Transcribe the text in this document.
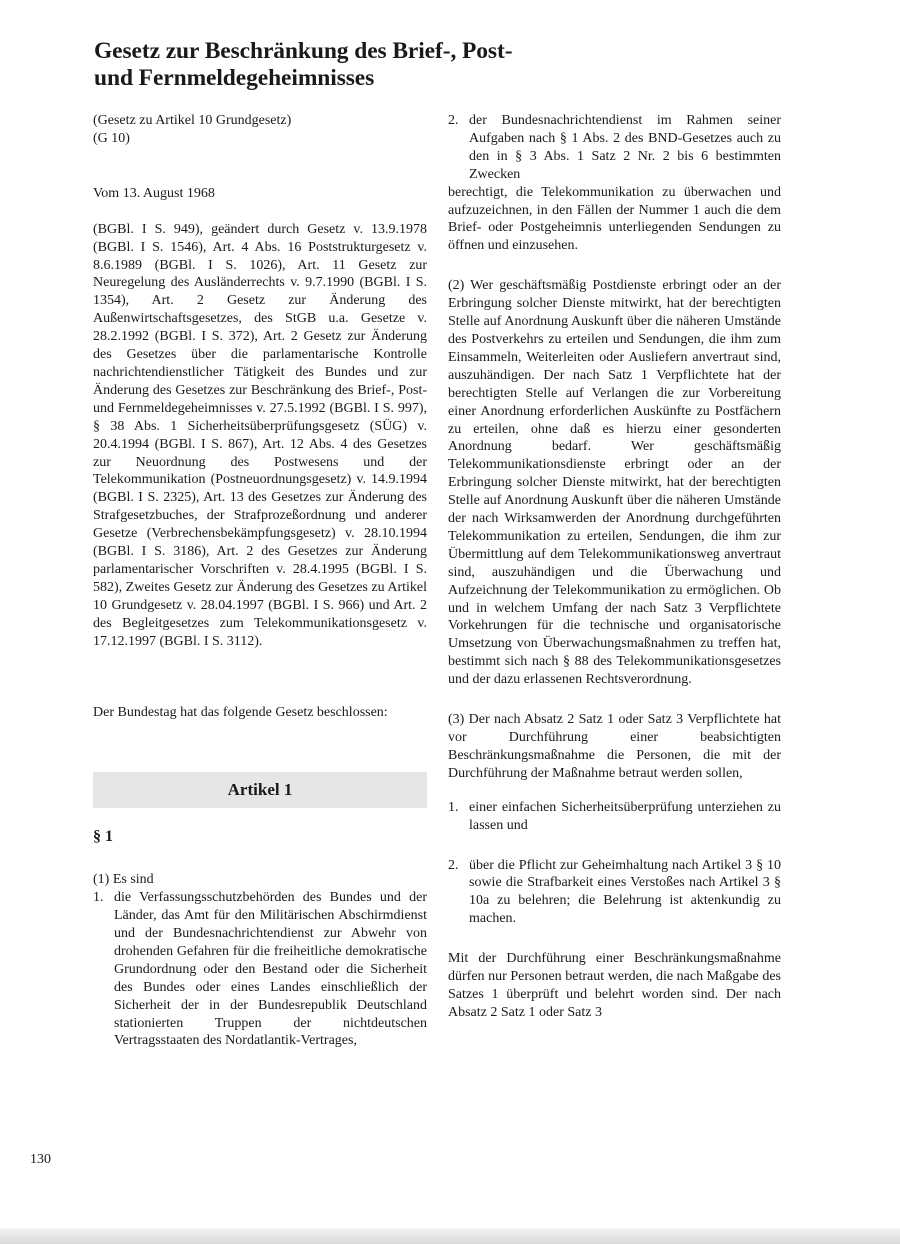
Gesetz zur Beschränkung des Brief-, Post- und Fernmeldegeheimnisses

(Gesetz zu Artikel 10 Grundgesetz)

(G 10)

Vom 13. August 1968

(BGBl. I S. 949), geändert durch Gesetz v. 13.9.1978 (BGBl. I S. 1546), Art. 4 Abs. 16 Poststrukturgesetz v. 8.6.1989 (BGBl. I S. 1026), Art. 11 Gesetz zur Neuregelung des Ausländerrechts v. 9.7.1990 (BGBl. I S. 1354), Art. 2 Gesetz zur Änderung des Außenwirtschaftsgesetzes, des StGB u.a. Gesetze v. 28.2.1992 (BGBl. I S. 372), Art. 2 Gesetz zur Änderung des Gesetzes über die parlamentarische Kontrolle nachrichtendienstlicher Tätigkeit des Bundes und zur Änderung des Gesetzes zur Beschränkung des Brief-, Post- und Fernmeldegeheimnisses v. 27.5.1992 (BGBl. I S. 997), § 38 Abs. 1 Sicherheitsüberprüfungsgesetz (SÜG) v. 20.4.1994 (BGBl. I S. 867), Art. 12 Abs. 4 des Gesetzes zur Neuordnung des Postwesens und der Telekommunikation (Postneuordnungsgesetz) v. 14.9.1994 (BGBl. I S. 2325), Art. 13 des Gesetzes zur Änderung des Strafgesetzbuches, der Strafprozeßordnung und anderer Gesetze (Verbrechensbekämpfungsgesetz) v. 28.10.1994 (BGBl. I S. 3186), Art. 2 des Gesetzes zur Änderung parlamentarischer Vorschriften v. 28.4.1995 (BGBl. I S. 582), Zweites Gesetz zur Änderung des Gesetzes zu Artikel 10 Grundgesetz v. 28.04.1997 (BGBl. I S. 966) und Art. 2 des Begleitgesetzes zum Telekommunikationsgesetz v. 17.12.1997 (BGBl. I S. 3112).

Der Bundestag hat das folgende Gesetz beschlossen:

Artikel 1

§ 1

(1) Es sind

1. die Verfassungsschutzbehörden des Bundes und der Länder, das Amt für den Militärischen Abschirmdienst und der Bundesnachrichtendienst zur Abwehr von drohenden Gefahren für die freiheitliche demokratische Grundordnung oder den Bestand oder die Sicherheit des Bundes oder eines Landes einschließlich der Sicherheit der in der Bundesrepublik Deutschland stationierten Truppen der nichtdeutschen Vertragsstaaten des Nordatlantik-Vertrages,
2. der Bundesnachrichtendienst im Rahmen seiner Aufgaben nach § 1 Abs. 2 des BND-Gesetzes auch zu den in § 3 Abs. 1 Satz 2 Nr. 2 bis 6 bestimmten Zwecken

berechtigt, die Telekommunikation zu überwachen und aufzuzeichnen, in den Fällen der Nummer 1 auch die dem Brief- oder Postgeheimnis unterliegenden Sendungen zu öffnen und einzusehen.

(2) Wer geschäftsmäßig Postdienste erbringt oder an der Erbringung solcher Dienste mitwirkt, hat der berechtigten Stelle auf Anordnung Auskunft über die näheren Umstände des Postverkehrs zu erteilen und Sendungen, die ihm zum Einsammeln, Weiterleiten oder Ausliefern anvertraut sind, auszuhändigen. Der nach Satz 1 Verpflichtete hat der berechtigten Stelle auf Verlangen die zur Vorbereitung einer Anordnung erforderlichen Auskünfte zu Postfächern zu erteilen, ohne daß es hierzu einer gesonderten Anordnung bedarf. Wer geschäftsmäßig Telekommunikationsdienste erbringt oder an der Erbringung solcher Dienste mitwirkt, hat der berechtigten Stelle auf Anordnung Auskunft über die näheren Umstände der nach Wirksamwerden der Anordnung durchgeführten Telekommunikation zu erteilen, Sendungen, die ihm zur Übermittlung auf dem Telekommunikationsweg anvertraut sind, auszuhändigen und die Überwachung und Aufzeichnung der Telekommunikation zu ermöglichen. Ob und in welchem Umfang der nach Satz 3 Verpflichtete Vorkehrungen für die technische und organisatorische Umsetzung von Überwachungsmaßnahmen zu treffen hat, bestimmt sich nach § 88 des Telekommunikationsgesetzes und der dazu erlassenen Rechtsverordnung.

(3) Der nach Absatz 2 Satz 1 oder Satz 3 Verpflichtete hat vor Durchführung einer beabsichtigten Beschränkungsmaßnahme die Personen, die mit der Durchführung der Maßnahme betraut werden sollen,

1. einer einfachen Sicherheitsüberprüfung unterziehen zu lassen und
2. über die Pflicht zur Geheimhaltung nach Artikel 3 § 10 sowie die Strafbarkeit eines Verstoßes nach Artikel 3 § 10a zu belehren; die Belehrung ist aktenkundig zu machen.

Mit der Durchführung einer Beschränkungsmaßnahme dürfen nur Personen betraut werden, die nach Maßgabe des Satzes 1 überprüft und belehrt worden sind. Der nach Absatz 2 Satz 1 oder Satz 3

130
